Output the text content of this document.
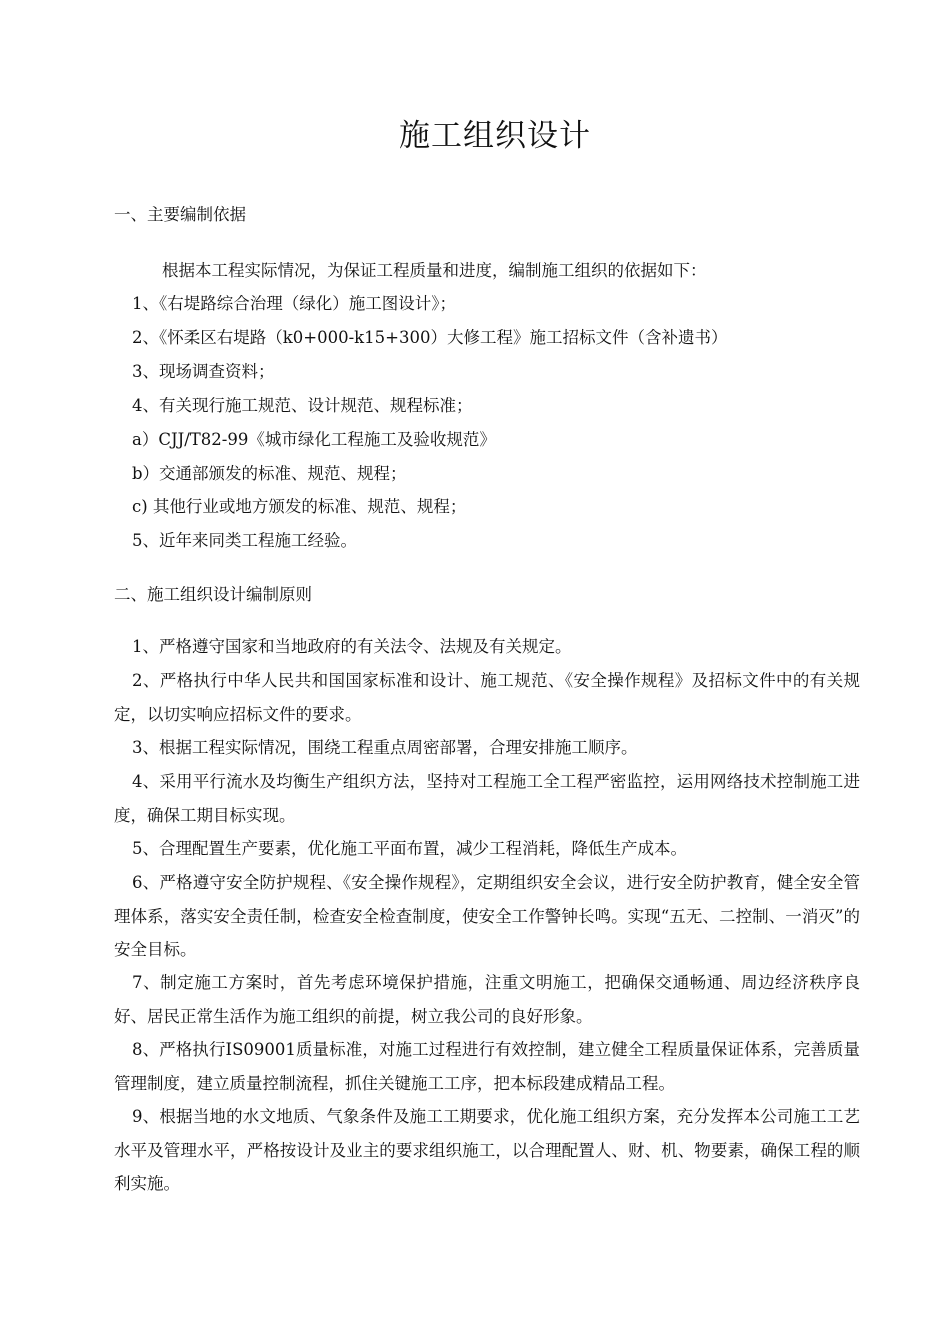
施工组织设计
一、主要编制依据

根据本工程实际情况，为保证工程质量和进度，编制施工组织的依据如下：

1、《右堤路综合治理（绿化）施工图设计》；

2、《怀柔区右堤路（k0+000-k15+300）大修工程》施工招标文件（含补遗书）

3、现场调查资料；

4、有关现行施工规范、设计规范、规程标准；

a）CJJ/T82-99《城市绿化工程施工及验收规范》

b）交通部颁发的标准、规范、规程；

c) 其他行业或地方颁发的标准、规范、规程；

5、近年来同类工程施工经验。

二、施工组织设计编制原则

1、严格遵守国家和当地政府的有关法令、法规及有关规定。

2、严格执行中华人民共和国国家标准和设计、施工规范、《安全操作规程》及招标文件中的有关规定，以切实响应招标文件的要求。

3、根据工程实际情况，围绕工程重点周密部署，合理安排施工顺序。

4、采用平行流水及均衡生产组织方法，坚持对工程施工全工程严密监控，运用网络技术控制施工进度，确保工期目标实现。

5、合理配置生产要素，优化施工平面布置，减少工程消耗，降低生产成本。

6、严格遵守安全防护规程、《安全操作规程》，定期组织安全会议，进行安全防护教育，健全安全管理体系，落实安全责任制，检查安全检查制度，使安全工作警钟长鸣。实现“五无、二控制、一消灭”的安全目标。

7、制定施工方案时，首先考虑环境保护措施，注重文明施工，把确保交通畅通、周边经济秩序良好、居民正常生活作为施工组织的前提，树立我公司的良好形象。

8、严格执行IS09001质量标准，对施工过程进行有效控制，建立健全工程质量保证体系，完善质量管理制度，建立质量控制流程，抓住关键施工工序，把本标段建成精品工程。

9、根据当地的水文地质、气象条件及施工工期要求，优化施工组织方案，充分发挥本公司施工工艺水平及管理水平，严格按设计及业主的要求组织施工，以合理配置人、财、机、物要素，确保工程的顺利实施。
